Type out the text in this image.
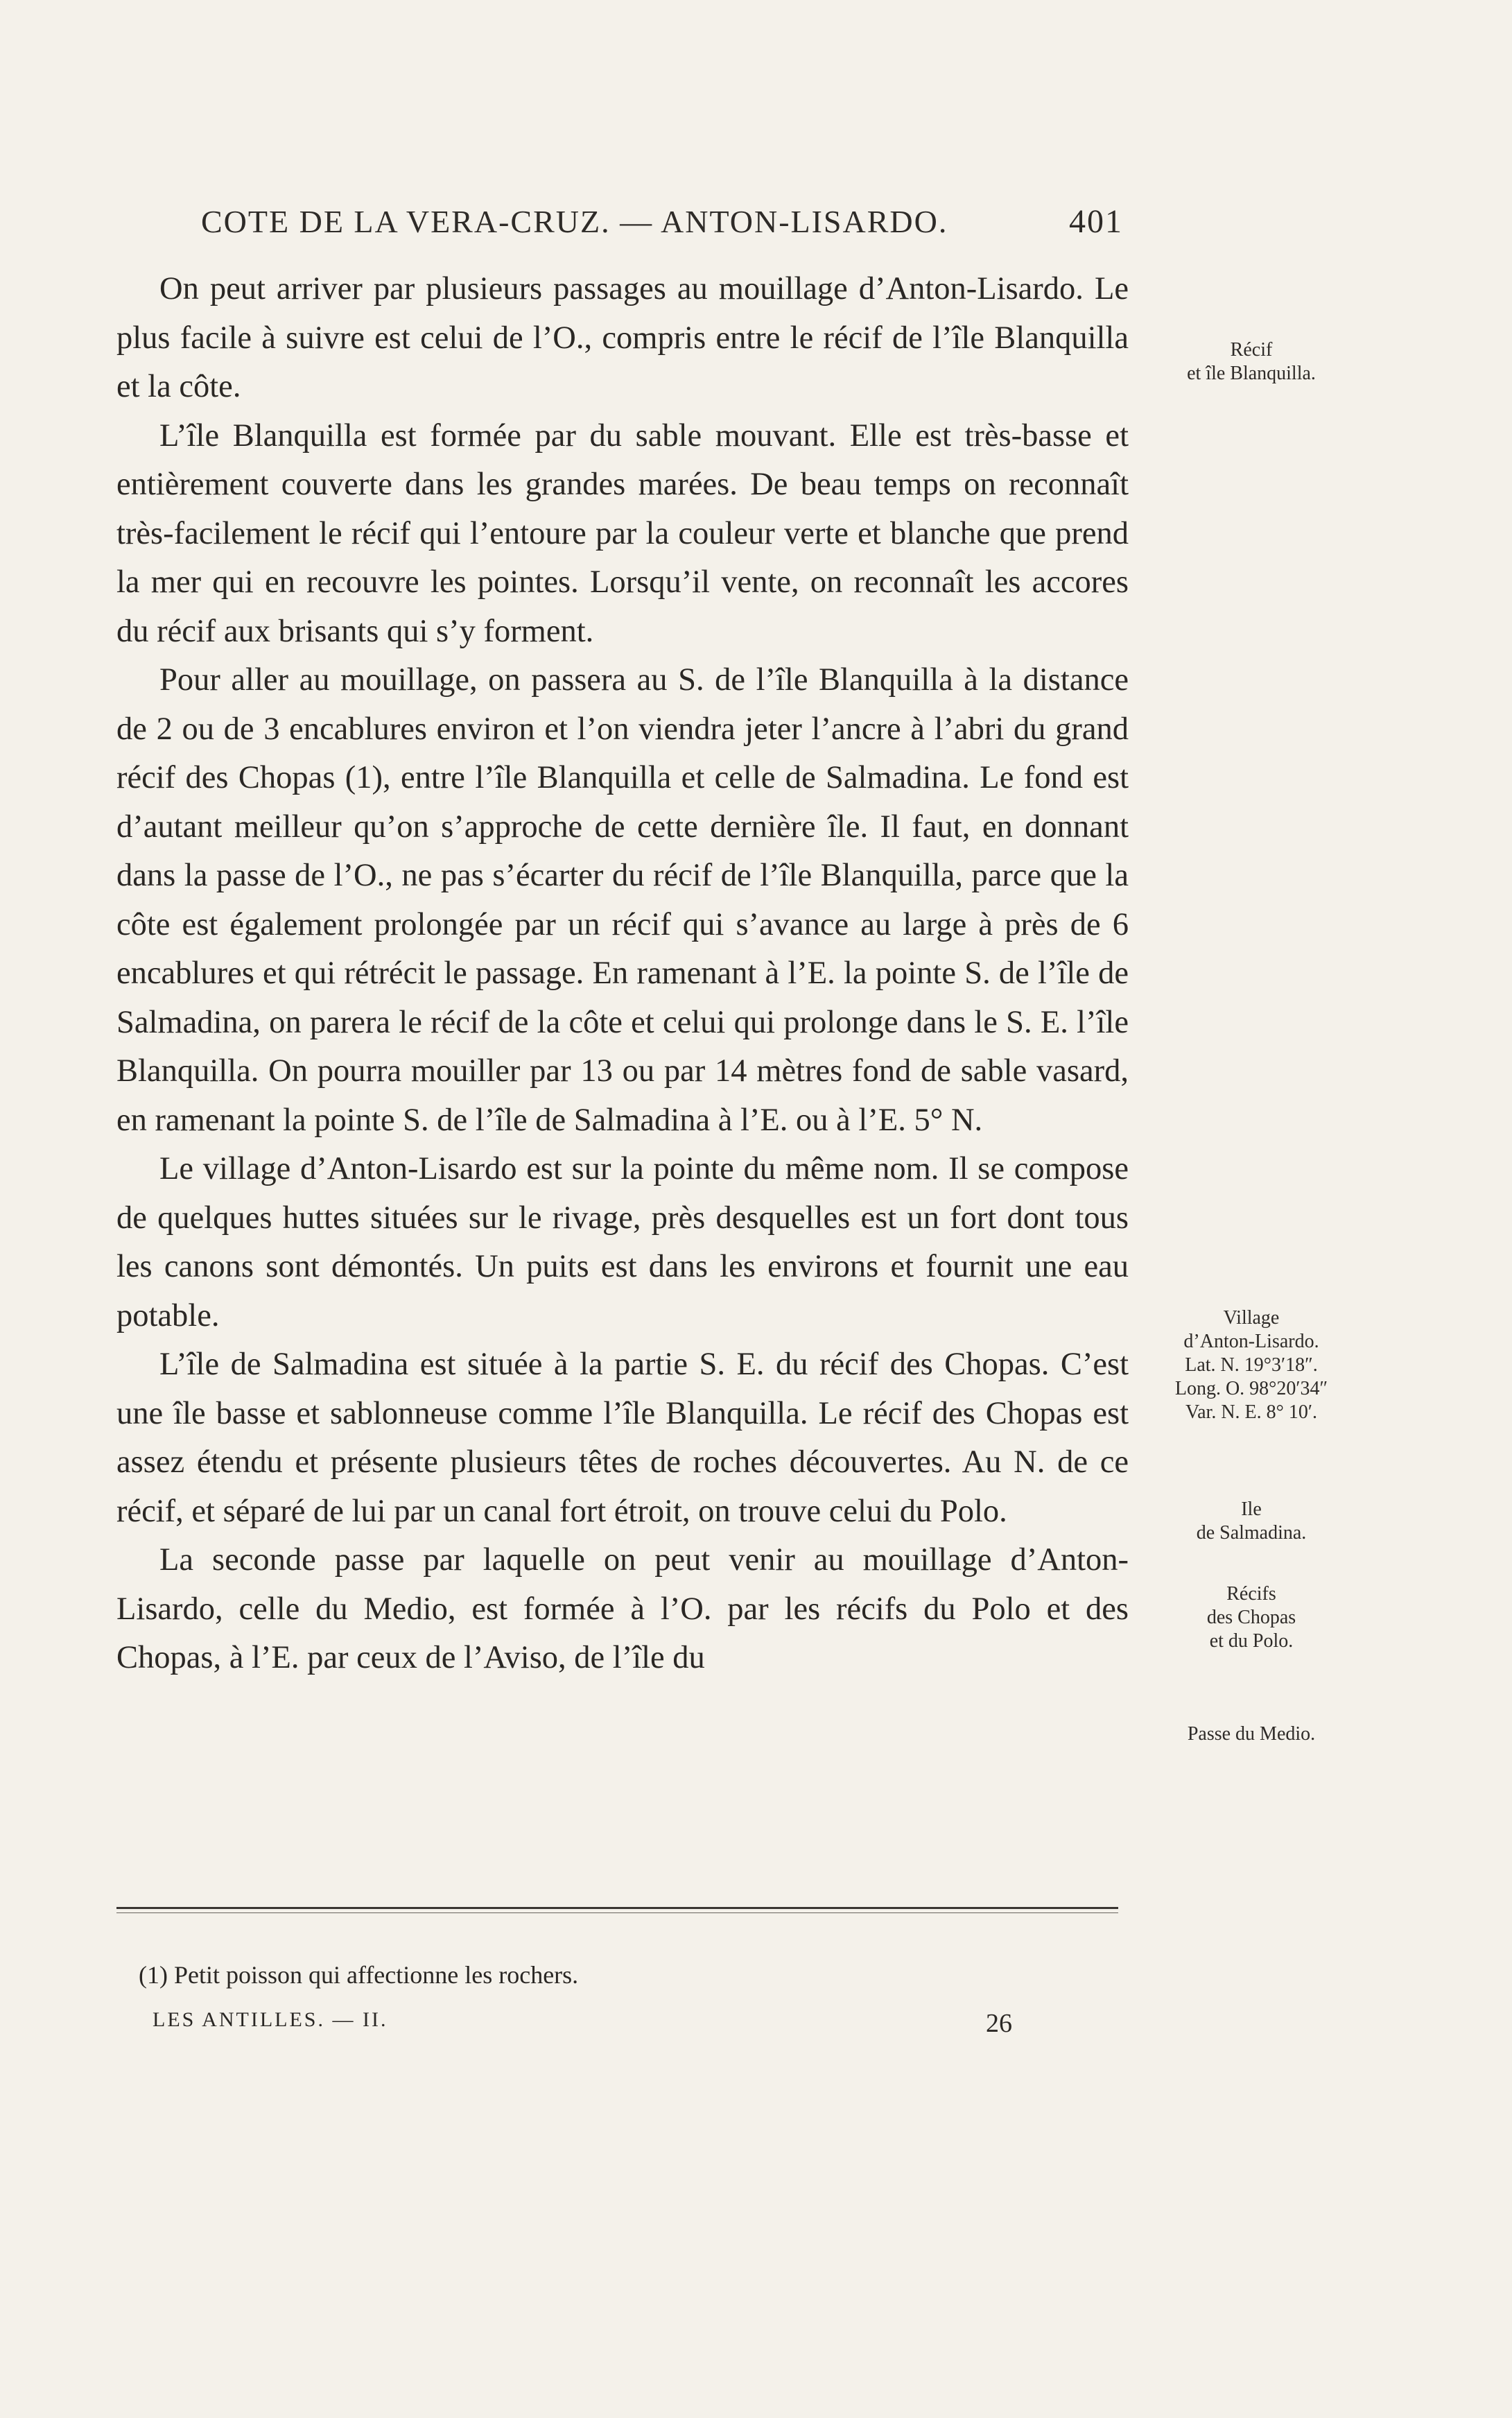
COTE DE LA VERA-CRUZ. — ANTON-LISARDO.	401

On peut arriver par plusieurs passages au mouillage d’Anton-Lisardo. Le plus facile à suivre est celui de l’O., compris entre le récif de l’île Blanquilla et la côte.

L’île Blanquilla est formée par du sable mouvant. Elle est très-basse et entièrement couverte dans les grandes marées. De beau temps on reconnaît très-facilement le récif qui l’entoure par la couleur verte et blanche que prend la mer qui en recouvre les pointes. Lorsqu’il vente, on reconnaît les accores du récif aux brisants qui s’y forment.

Pour aller au mouillage, on passera au S. de l’île Blanquilla à la distance de 2 ou de 3 encablures environ et l’on viendra jeter l’ancre à l’abri du grand récif des Chopas (1), entre l’île Blanquilla et celle de Salmadina. Le fond est d’autant meilleur qu’on s’approche de cette dernière île. Il faut, en donnant dans la passe de l’O., ne pas s’écarter du récif de l’île Blanquilla, parce que la côte est également prolongée par un récif qui s’avance au large à près de 6 encablures et qui rétrécit le passage. En ramenant à l’E. la pointe S. de l’île de Salmadina, on parera le récif de la côte et celui qui prolonge dans le S. E. l’île Blanquilla. On pourra mouiller par 13 ou par 14 mètres fond de sable vasard, en ramenant la pointe S. de l’île de Salmadina à l’E. ou à l’E. 5° N.

Le village d’Anton-Lisardo est sur la pointe du même nom. Il se compose de quelques huttes situées sur le rivage, près desquelles est un fort dont tous les canons sont démontés. Un puits est dans les environs et fournit une eau potable.

L’île de Salmadina est située à la partie S. E. du récif des Chopas. C’est une île basse et sablonneuse comme l’île Blanquilla. Le récif des Chopas est assez étendu et présente plusieurs têtes de roches découvertes. Au N. de ce récif, et séparé de lui par un canal fort étroit, on trouve celui du Polo.

La seconde passe par laquelle on peut venir au mouillage d’Anton-Lisardo, celle du Medio, est formée à l’O. par les récifs du Polo et des Chopas, à l’E. par ceux de l’Aviso, de l’île du

Récif
et île Blanquilla.
Village
d’Anton-Lisardo.
Lat. N. 19°3′18″.
Long. O. 98°20′34″
Var. N. E. 8° 10′.
Ile
de Salmadina.
Récifs
des Chopas
et du Polo.
Passe du Medio.
(1) Petit poisson qui affectionne les rochers.
LES ANTILLES. — II.	26
